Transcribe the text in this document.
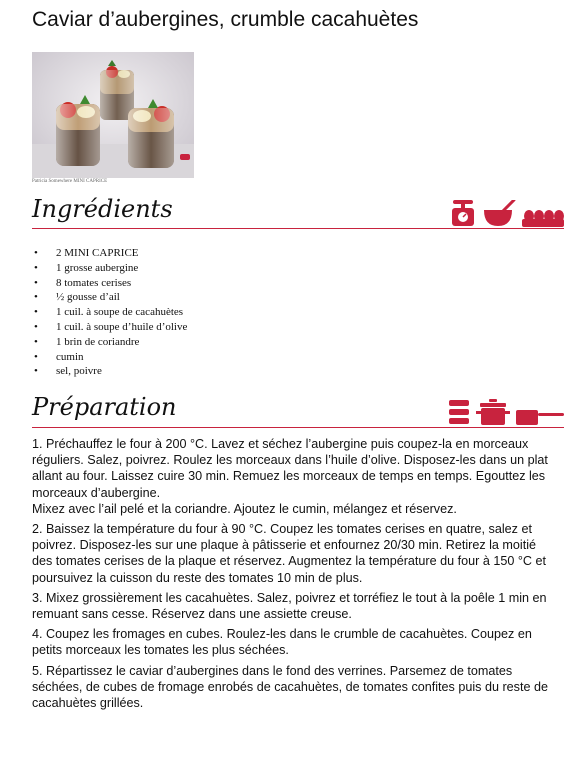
Caviar d’aubergines, crumble cacahuètes
Patricia Somewhere MINI CAPRICE
Ingrédients
• 2 MINI CAPRICE
• 1 grosse aubergine
• 8 tomates cerises
• ½ gousse d’ail
• 1 cuil. à soupe de cacahuètes
• 1 cuil. à soupe d’huile d’olive
• 1 brin de coriandre
• cumin
• sel, poivre
Préparation

1. Préchauffez le four à 200 °C. Lavez et séchez l’aubergine puis coupez-la en morceaux réguliers. Salez, poivrez. Roulez les morceaux dans l’huile d’olive. Disposez-les dans un plat allant au four. Laissez cuire 30 min. Remuez les morceaux de temps en temps. Egouttez les morceaux d’aubergine.

Mixez avec l’ail pelé et la coriandre. Ajoutez le cumin, mélangez et réservez.

2. Baissez la température du four à 90 °C. Coupez les tomates cerises en quatre, salez et poivrez. Disposez-les sur une plaque à pâtisserie et enfournez 20/30 min. Retirez la moitié des tomates cerises de la plaque et réservez. Augmentez la température du four à 150 °C et poursuivez la cuisson du reste des tomates 10 min de plus.

3. Mixez grossièrement les cacahuètes. Salez, poivrez et torréfiez le tout à la poêle 1 min en remuant sans cesse. Réservez dans une assiette creuse.

4. Coupez les fromages en cubes. Roulez-les dans le crumble de cacahuètes. Coupez en petits morceaux les tomates les plus séchées.

5. Répartissez le caviar d’aubergines dans le fond des verrines. Parsemez de tomates séchées, de cubes de fromage enrobés de cacahuètes, de tomates confites puis du reste de cacahuètes grillées.
